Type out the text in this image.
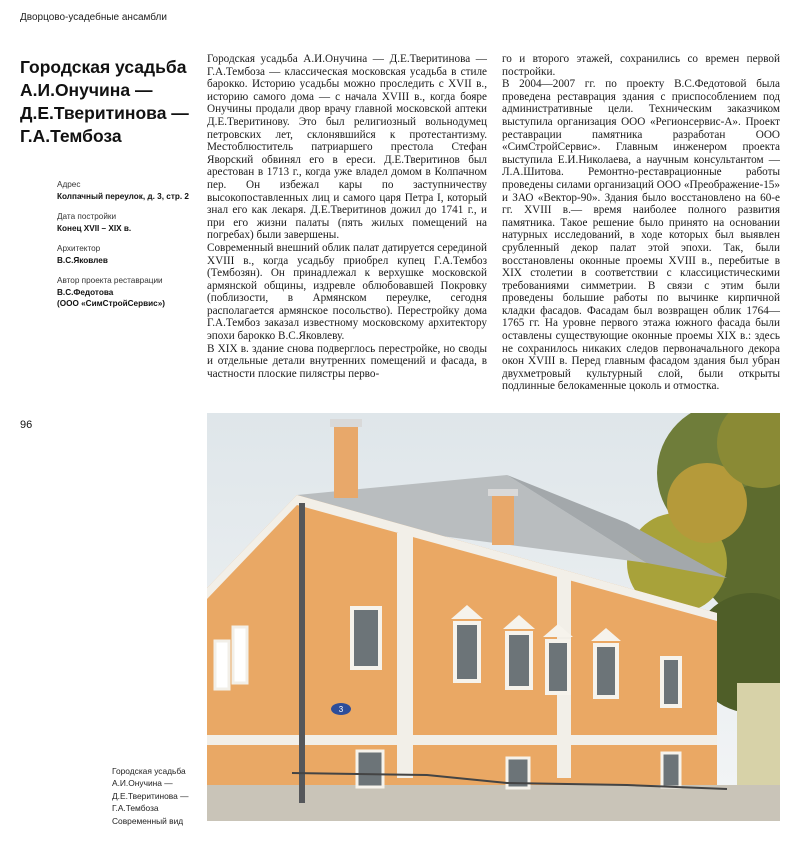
Дворцово-усадебные ансамбли
Городская усадьба
А.И.Онучина —
Д.Е.Тверитинова —
Г.А.Тембоза
Адрес
Колпачный переулок, д. 3, стр. 2
Дата постройки
Конец XVII – XIX в.
Архитектор
В.С.Яковлев
Автор проекта реставрации
В.С.Федотова
(ООО «СимСтройСервис»)
96

Городская усадьба А.И.Онучина — Д.Е.Тверитинова — Г.А.Тембоза — классическая московская усадьба в стиле барокко. Историю усадьбы можно проследить с XVII в., историю самого дома — с начала XVIII в., когда бояре Онучины продали двор врачу главной московской аптеки Д.Е.Тверитинову. Это был религиозный вольнодумец петровских лет, склонявшийся к протестантизму. Местоблюститель патриаршего престола Стефан Яворский обвинял его в ереси. Д.Е.Тверитинов был арестован в 1713 г., когда уже владел домом в Колпачном пер. Он избежал кары по заступничеству высокопоставленных лиц и самого царя Петра I, который знал его как лекаря. Д.Е.Тверитинов дожил до 1741 г., и при его жизни палаты (пять жилых помещений на погребах) были завершены.

Современный внешний облик палат датируется серединой XVIII в., когда усадьбу приобрел купец Г.А.Тембоз (Тембозян). Он принадлежал к верхушке московской армянской общины, издревле облюбовавшей Покровку (поблизости, в Армянском переулке, сегодня располагается армянское посольство). Перестройку дома Г.А.Тембоз заказал известному московскому архитектору эпохи барокко В.С.Яковлеву.

В XIX в. здание снова подверглось перестройке, но своды и отдельные детали внутренних помещений и фасада, в частности плоские пилястры перво-

го и второго этажей, сохранились со времен первой постройки.

В 2004—2007 гг. по проекту В.С.Федотовой была проведена реставрация здания с приспособлением под административные цели. Техническим заказчиком выступила организация ООО «Регионсервис-А». Проект реставрации памятника разработан ООО «СимСтройСервис». Главным инженером проекта выступила Е.И.Николаева, а научным консультантом — Л.А.Шитова. Ремонтно-реставрационные работы проведены силами организаций ООО «Преображение-15» и ЗАО «Вектор-90». Здания было восстановлено на 60-е гг. XVIII в.— время наиболее полного развития памятника. Такое решение было принято на основании натурных исследований, в ходе которых был выявлен срубленный декор палат этой эпохи. Так, были восстановлены оконные проемы XVIII в., перебитые в XIX столетии в соответствии с классицистическими требованиями симметрии. В связи с этим были проведены большие работы по вычинке кирпичной кладки фасадов. Фасадам был возвращен облик 1764—1765 гг. На уровне первого этажа южного фасада были оставлены существующие оконные проемы XIX в.: здесь не сохранилось никаких следов первоначального декора окон XVIII в. Перед главным фасадом здания был убран двухметровый культурный слой, были открыты подлинные белокаменные цоколь и отмостка.

3
Городская усадьба
А.И.Онучина —
Д.Е.Тверитинова —
Г.А.Тембоза
Современный вид
